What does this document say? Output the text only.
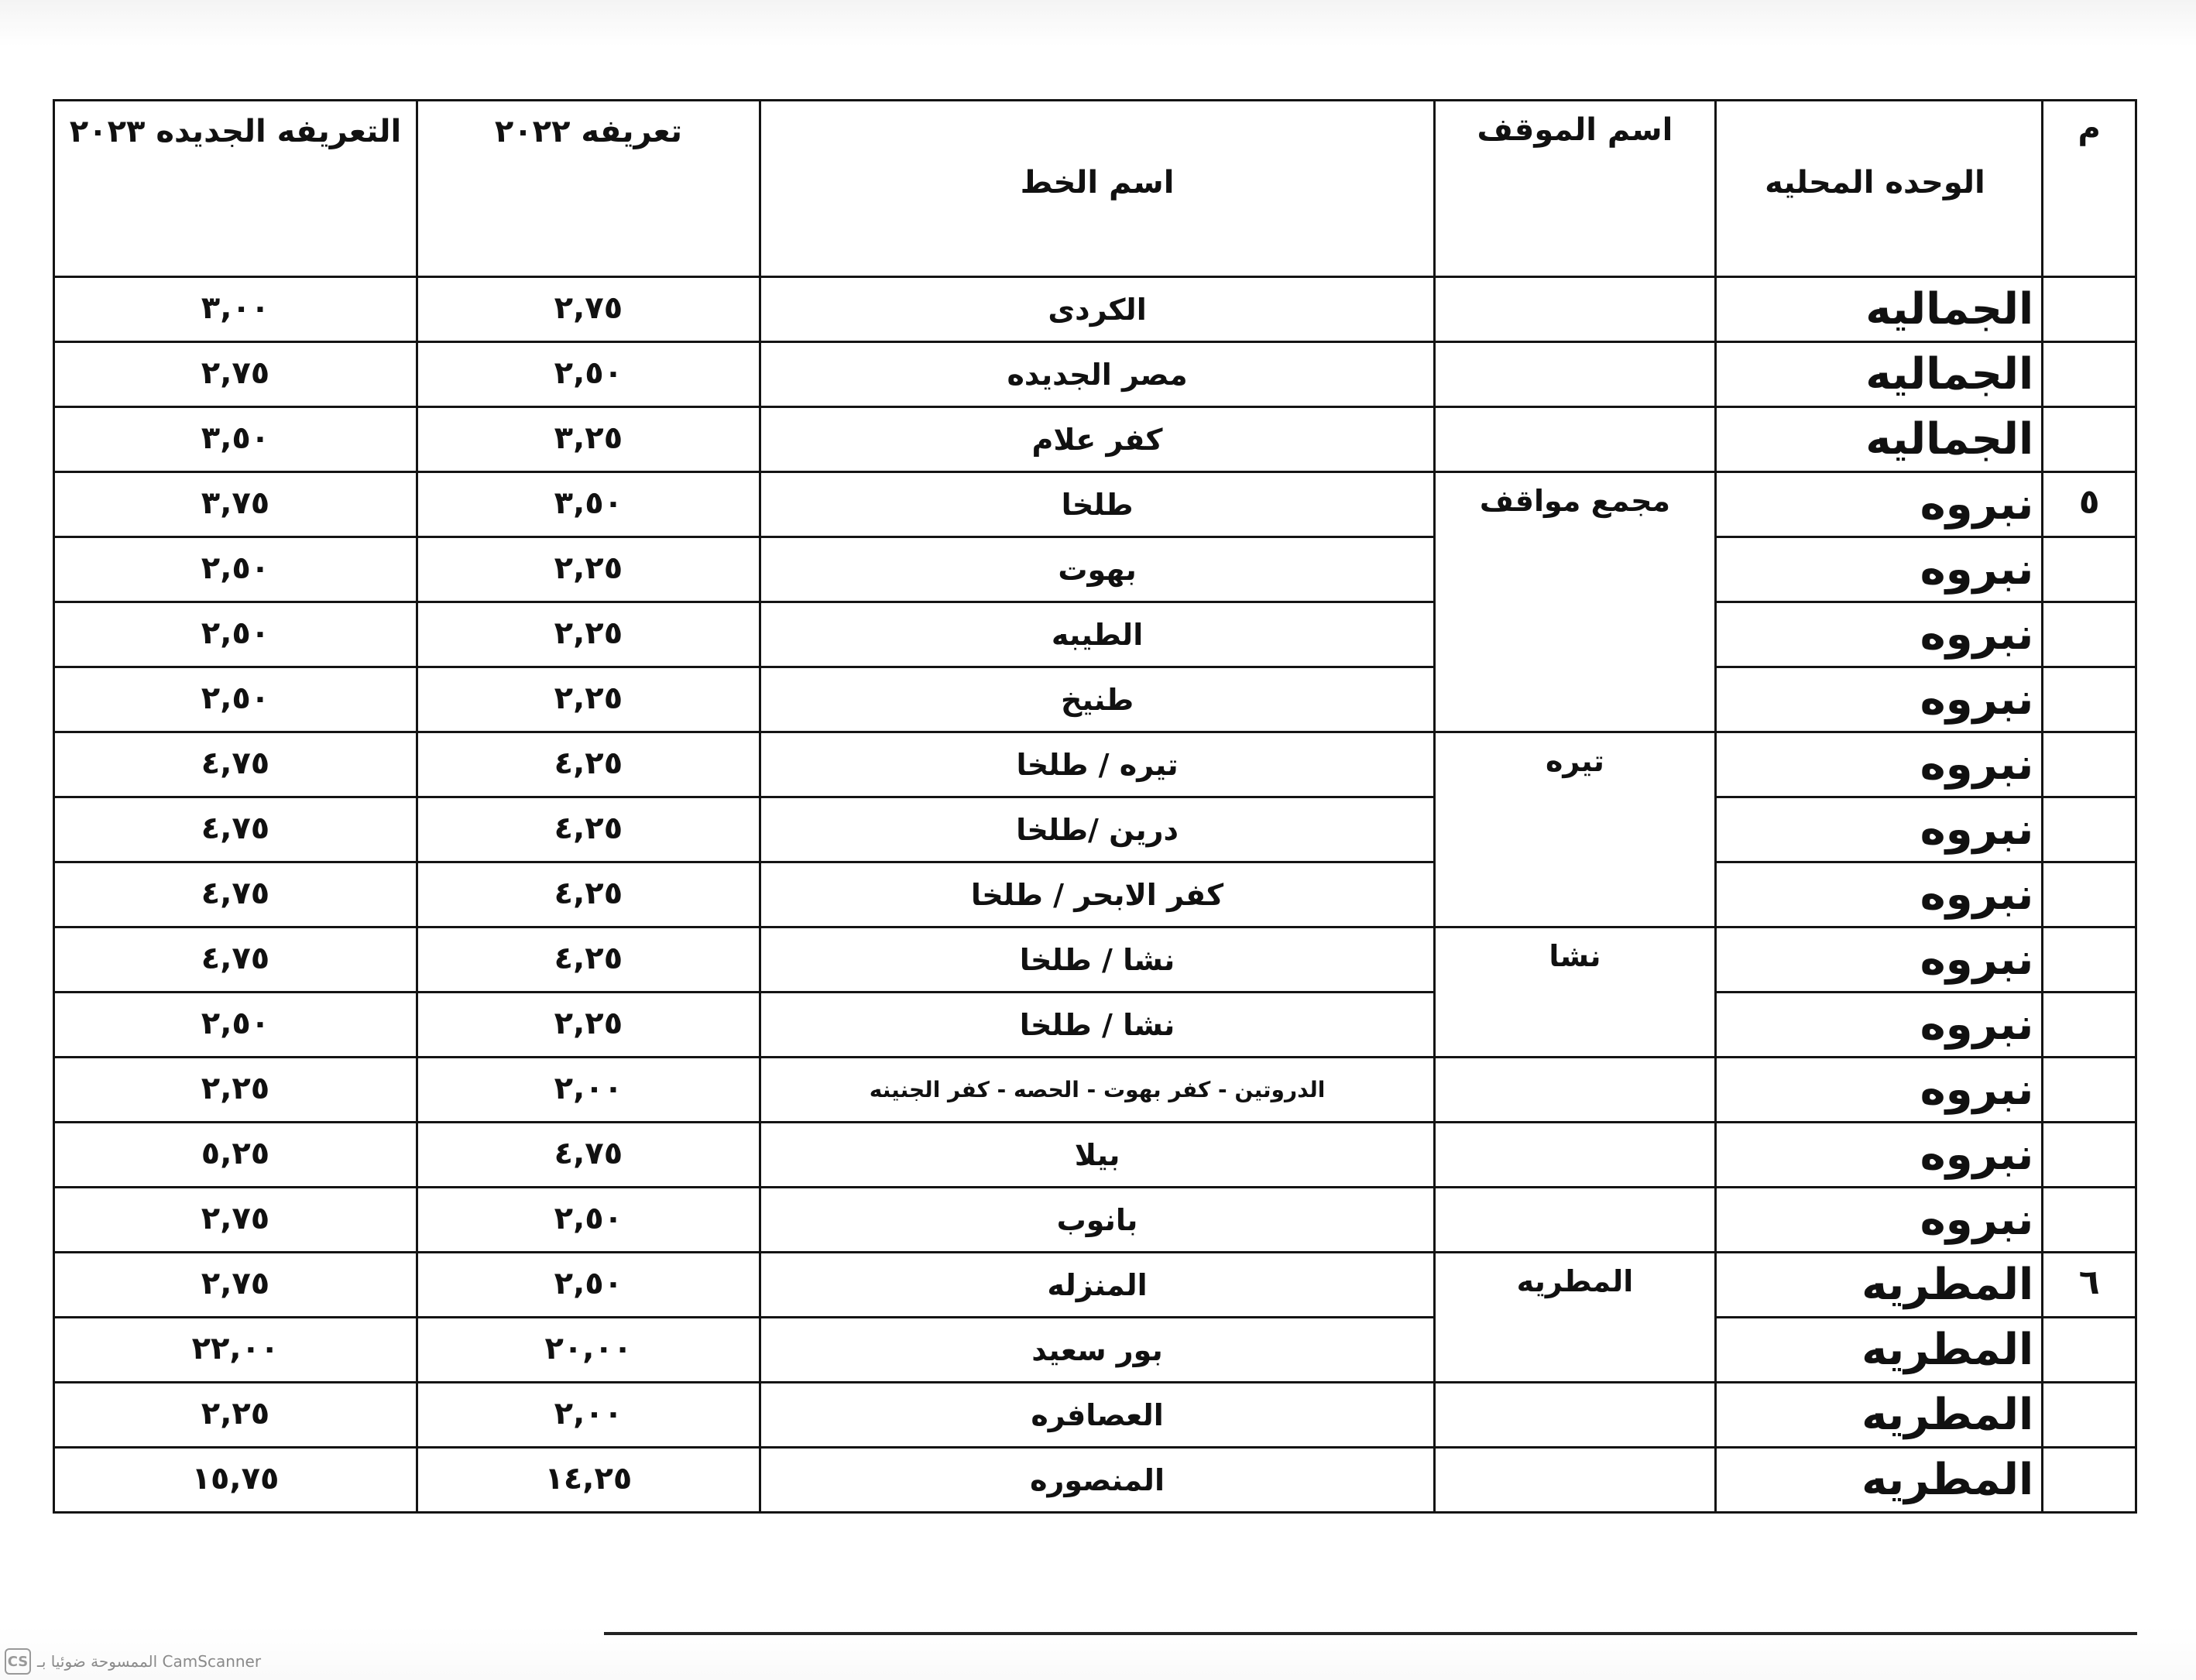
م	الوحده المحليه	اسم الموقف	اسم الخط	تعريفه ٢٠٢٢	التعريفه الجديده ٢٠٢٣
	الجماليه		الكردى	٢,٧٥	٣,٠٠
	الجماليه		مصر الجديده	٢,٥٠	٢,٧٥
	الجماليه		كفر علام	٣,٢٥	٣,٥٠
٥	نبروه	مجمع مواقف	طلخا	٣,٥٠	٣,٧٥
	نبروه		بهوت	٢,٢٥	٢,٥٠
	نبروه		الطيبه	٢,٢٥	٢,٥٠
	نبروه		طنيخ	٢,٢٥	٢,٥٠
	نبروه	تيره	تيره / طلخا	٤,٢٥	٤,٧٥
	نبروه		درين /طلخا	٤,٢٥	٤,٧٥
	نبروه		كفر الابحر / طلخا	٤,٢٥	٤,٧٥
	نبروه	نشا	نشا / طلخا	٤,٢٥	٤,٧٥
	نبروه		نشا / طلخا	٢,٢٥	٢,٥٠
	نبروه		الدروتين - كفر بهوت - الحصه - كفر الجنينه	٢,٠٠	٢,٢٥
	نبروه		بيلا	٤,٧٥	٥,٢٥
	نبروه		بانوب	٢,٥٠	٢,٧٥
٦	المطريه	المطريه	المنزله	٢,٥٠	٢,٧٥
	المطريه		بور سعيد	٢٠,٠٠	٢٢,٠٠
	المطريه		العصافره	٢,٠٠	٢,٢٥
	المطريه		المنصوره	١٤,٢٥	١٥,٧٥
CS الممسوحة ضوئيا بـ CamScanner
